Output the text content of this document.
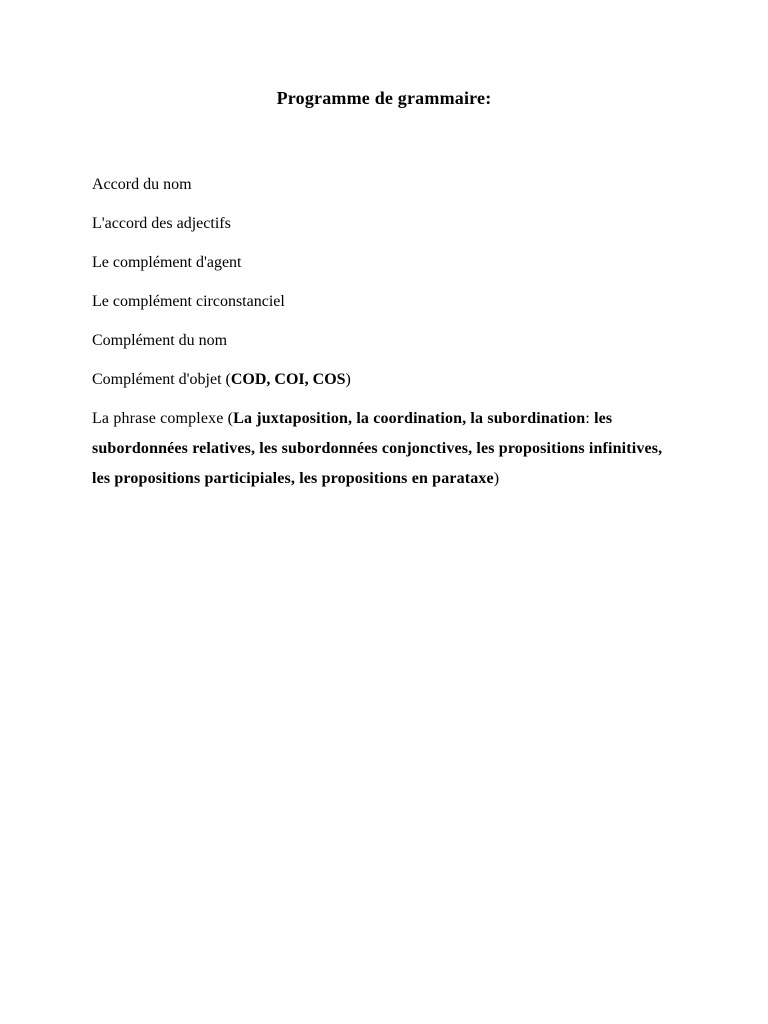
Programme de grammaire:
Accord du nom
L'accord des adjectifs
Le complément d'agent
Le complément circonstanciel
Complément du nom
Complément d'objet (COD, COI, COS)
La phrase complexe (La juxtaposition, la coordination, la subordination: les subordonnées relatives, les subordonnées conjonctives, les propositions infinitives, les propositions participiales, les propositions en parataxe)
